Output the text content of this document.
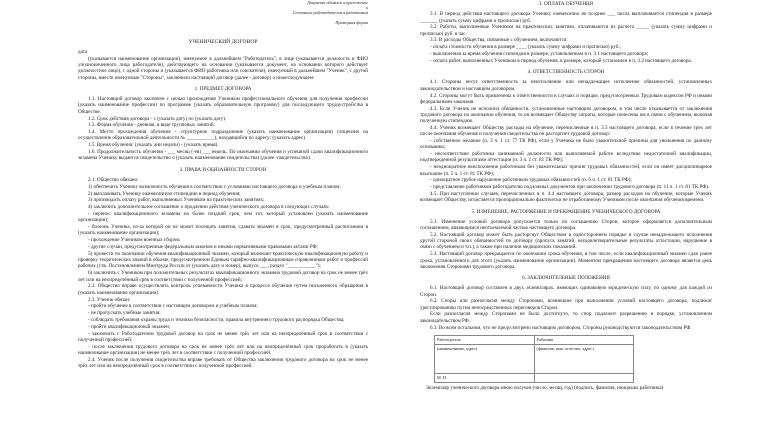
Документ объявлен в приложение
к
Составлен работодателем в работником
Примерная форма
УЧЕНИЧЕСКИЙ ДОГОВОР
дата
(указывается наименование организации), именуемое в дальнейшем "Работодатель", в лице (указывается должность и ФИО уполномоченного лица работодателя), действующего на основании (указывается документ, на основании которого действует должностное лицо), с одной стороны и (указывается ФИО работника или соискателя), именуемый в дальнейшем "Ученик", с другой стороны, вместе именуемые "Стороны", заключили настоящий договор (далее - договор) о нижеследующем:
1. ПРЕДМЕТ ДОГОВОРА
1.1. Настоящий договор заключен с целью прохождения Учеником профессионального обучения для получения профессии (указать наименование профессии) по программе (указать образовательную программу) для последующего трудоустройства в Обществе.
1.2. Срок действия договора - с (указать дату) по (указать дату).
1.3. Форма обучения - дневная, в виде групповых занятий.
1.4. Место прохождения обучения - структурное подразделение (указать наименование организации) (лицензия на осуществление образовательной деятельности № ___________), находящийся по адресу: (указать адрес).
1.5. Время обучения: (указать дни недели) - (указать время).
1.6. Продолжительность обучения - ___ месяц (-ев) ___ недель. По окончании обучения и успешной сдачи квалификационного экзамена Ученику выдается свидетельство о (указать наименование свидетельства) (далее -свидетельство).
2. ПРАВА И ОБЯЗАННОСТИ СТОРОН
2.1. Общество обязано:
1) обеспечить Ученику возможность обучения в соответствии с условиями настоящего договора и учебным планом;
2) выплачивать Ученику ежемесячную стипендию в период обучения;
3) производить оплату работ, выполняемых Учеником на практических занятиях;
4) заключить дополнительное соглашение о продлении действия ученического договора в следующих случаях:
- перенос квалификационного экзамена на более поздний срок, чем тот, который установлен (указать наименование организации);
- болезнь Ученика, из-за которой он не может посещать занятия, сдавать экзамен в срок, предусмотренный расписанием в (указать наименование организации);
- прохождение Учеником военных сборов;
- другие случаи, предусмотренные федеральным законом и иными нормативными правовыми актами РФ;
5) провести по окончании обучения квалификационный экзамен, который включает практическую квалификационную работу и проверку теоретических знаний в объеме, предусмотренном Единым тарифно-квалификационным справочником работ и профессий рабочих (утв. Постановлением Минтруда России от (указать дату и номер), выпуск ___, раздел "___________");
6) заключить с Учеником при положительных результатах квалификационного экзамена трудовой договор на срок не менее трёх лет или на неопределённый срок в соответствии с полученной профессией;
2.2. Общество вправе осуществлять контроль успеваемости Ученика в процессе обучения путем письменного обращения в (указать наименование организации).
2.3. Ученик обязан:
- пройти обучение в соответствии с настоящим договором и учебным планом;
- не пропускать учебные занятия;
- соблюдать требования охраны труда и техники безопасности, правила внутреннего трудового распорядка Общества;
- пройти квалификационный экзамен;
- заключить с Работодателем трудовой договор на срок не менее трёх лет или на неопределённый срок в соответствии с полученной профессией;
- после заключения трудового договора на срок не менее трёх лет или на неопределённый срок проработать в (указать наименование организации) не менее трёх лет в соответствии с полученной профессией.
2.4. Ученик после получения свидетельства вправе требовать от Общества заключения трудового договора на срок не менее трёх лет или на неопределённый срок в соответствии с полученной профессией.
3. ОПЛАТА ОБУЧЕНИЯ
3.1. В период действия настоящего договора Ученику ежемесячно не позднее ___ числа выплачивается стипендия в размере _______ (указать сумму цифрами и прописью) руб.
3.2. Работы, выполненные Учеником на практических занятиях, оплачиваются из расчета _____ (указать сумму цифрами и прописью) руб. в час.
3.3. В расходы Общества, связанные с обучением, включаются:
- оплата стоимости обучения в размере ____ (указать сумму цифрами и прописью) руб.;
- выплаченная за время обучения стипендия в размере, установленном в п. 3.1 настоящего договора;
- оплата работ, выполненных Учеником в период обучения, в размере, который установлен в п. 3.2 настоящего договора.
4. ОТВЕТСТВЕННОСТЬ СТОРОН
4.1. Стороны несут ответственность за неисполнение или ненадлежащее исполнение обязанностей, установленных законодательством и настоящим договором.
4.2. Стороны могут быть привлечены к ответственности в случаях и порядке, предусмотренных Трудовым кодексом РФ и иными федеральными законами.
4.3. Если Ученик не исполнил обязанности, установленные настоящим договором, в том числе отказывается от заключения трудового договора по окончании обучения, то он возмещает Обществу затраты, которые понесены им в связи с обучением, включая полученную стипендию.
4.4. Ученик возмещает Обществу расходы на обучение, перечисленные в п. 3.3 настоящего договора, если в течение трех лет после окончания обучения и получения свидетельства он расторгнет трудовой договор:
- собственное желание (п. 3 ч. 1 ст. 77 ТК РФ), если у Ученика не было уважительной причины для увольнения по данному основанию;
- несоответствие работника занимаемой должности или выполняемой работе вследствие недостаточной квалификации, подтвержденной результатами аттестации (п. 3 ч. 1 ст. 81 ТК РФ);
- неоднократное неисполнение работником без уважительных причин трудовых обязанностей, если он имеет дисциплинарное взыскание (п. 5 ч. 1 ст. 81 ТК РФ);
- однократное грубое нарушение работником трудовых обязанностей (п. 6 ч. 1 ст. 81 ТК РФ);
- представление работником работодателю подложных документов при заключении трудового договора (п. 11 ч. 1 ст. 81 ТК РФ).
4.5. При наступлении случаев, перечисленных в п. 4.4 настоящего договора, размер расходов на обучение, которые Ученик возмещает Обществу, исчисляется пропорционально фактически не отработанному Учеником после окончания обучения времени.
5. ИЗМЕНЕНИЕ, РАСТОРЖЕНИЕ И ПРЕКРАЩЕНИЕ УЧЕНИЧЕСКОГО ДОГОВОРА
5.1. Изменение условий договора допускается только по соглашению Сторон, которое оформляется дополнительным соглашением, являющимся неотъемлемой частью настоящего договора.
5.2. Настоящий договор может быть расторгнут Обществом в одностороннем порядке в случае ненадлежащего исполнения другой стороной своих обязанностей по договору (пропуск занятий, неудовлетворительные результаты аттестации, нарушение в связи с обучением и т.п.), а также при наличии медицинских показаний.
5.3. Настоящий договор прекращается по окончании срока обучения, в том числе, если квалификационный экзамен сдан ранее срока, установленного для этого (указать наименование организации). Моментом прекращения настоящего договора является день заключения Сторонами трудового договора.
6. ЗАКЛЮЧИТЕЛЬНЫЕ ПОЛОЖЕНИЯ
6.1. Настоящий договор составлен в двух экземплярах, имеющих одинаковую юридическую силу, по одному для каждой из Сторон.
6.2. Споры или разногласия между Сторонами, возникшие при выполнении условий настоящего договора, подлежат урегулированию путем непосредственных переговоров Сторон.
Если разногласия между Сторонами не было достигнуто, то спор подлежит разрешению в порядке, установленном законодательством РФ.
6.3. Во всем остальном, что не предусмотрено настоящим договором, Стороны руководствуются законодательством РФ.
Работодатель	Работник
(наименование, адрес)	(фамилия, имя, отчество, адрес)
М. П.	
Экземпляр ученического договора мною получен (число, месяц, год) (подпись, фамилия, инициалы работника)
